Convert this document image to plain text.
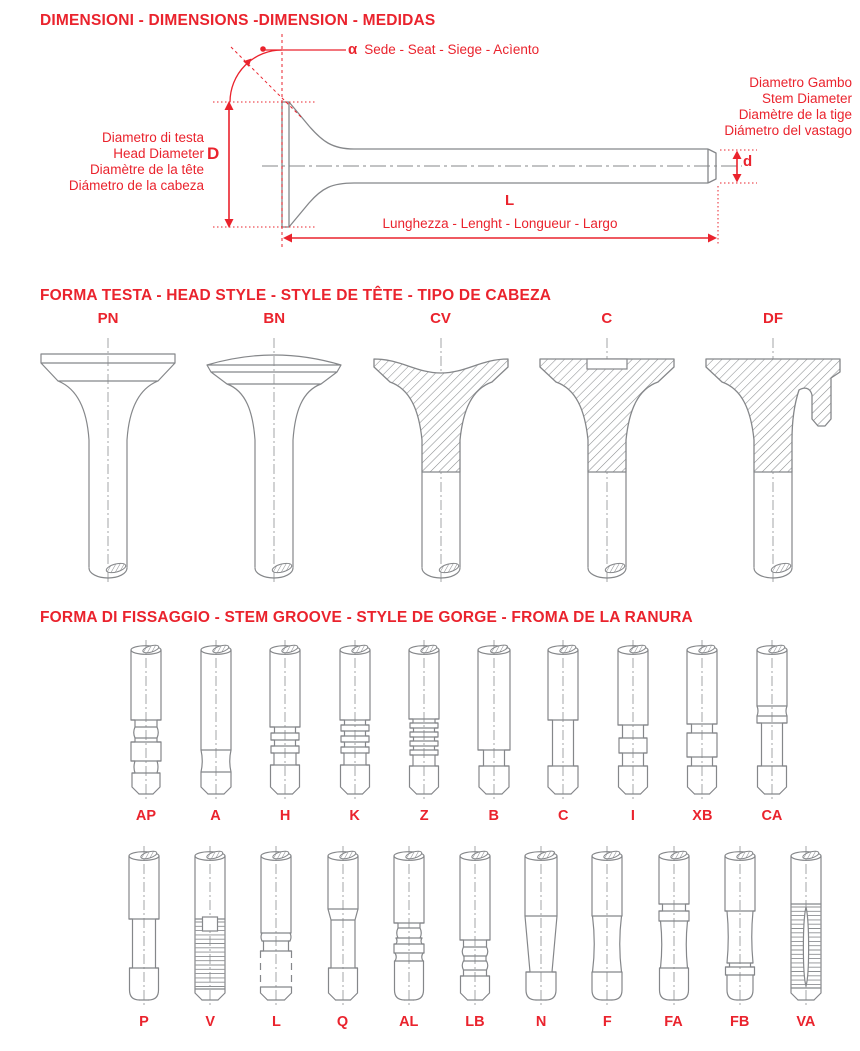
DIMENSIONI - DIMENSIONS -DIMENSION - MEDIDAS
α Sede - Seat - Siege - Acìento
Diametro Gambo
Stem Diameter
Diamètre de la tige
Diámetro del vastago
Diametro di testa
Head Diameter
Diamètre de la tête
Diámetro de la cabeza
D
L
d
Lunghezza - Lenght - Longueur - Largo
FORMA TESTA - HEAD STYLE - STYLE DE TÊTE - TIPO DE CABEZA
PN	BN	CV	C	DF
FORMA DI FISSAGGIO - STEM GROOVE - STYLE DE GORGE - FROMA DE LA RANURA
AP	A	H	K	Z	B	C	I	XB	CA
P	V	L	Q	AL	LB	N	F	FA	FB	VA
